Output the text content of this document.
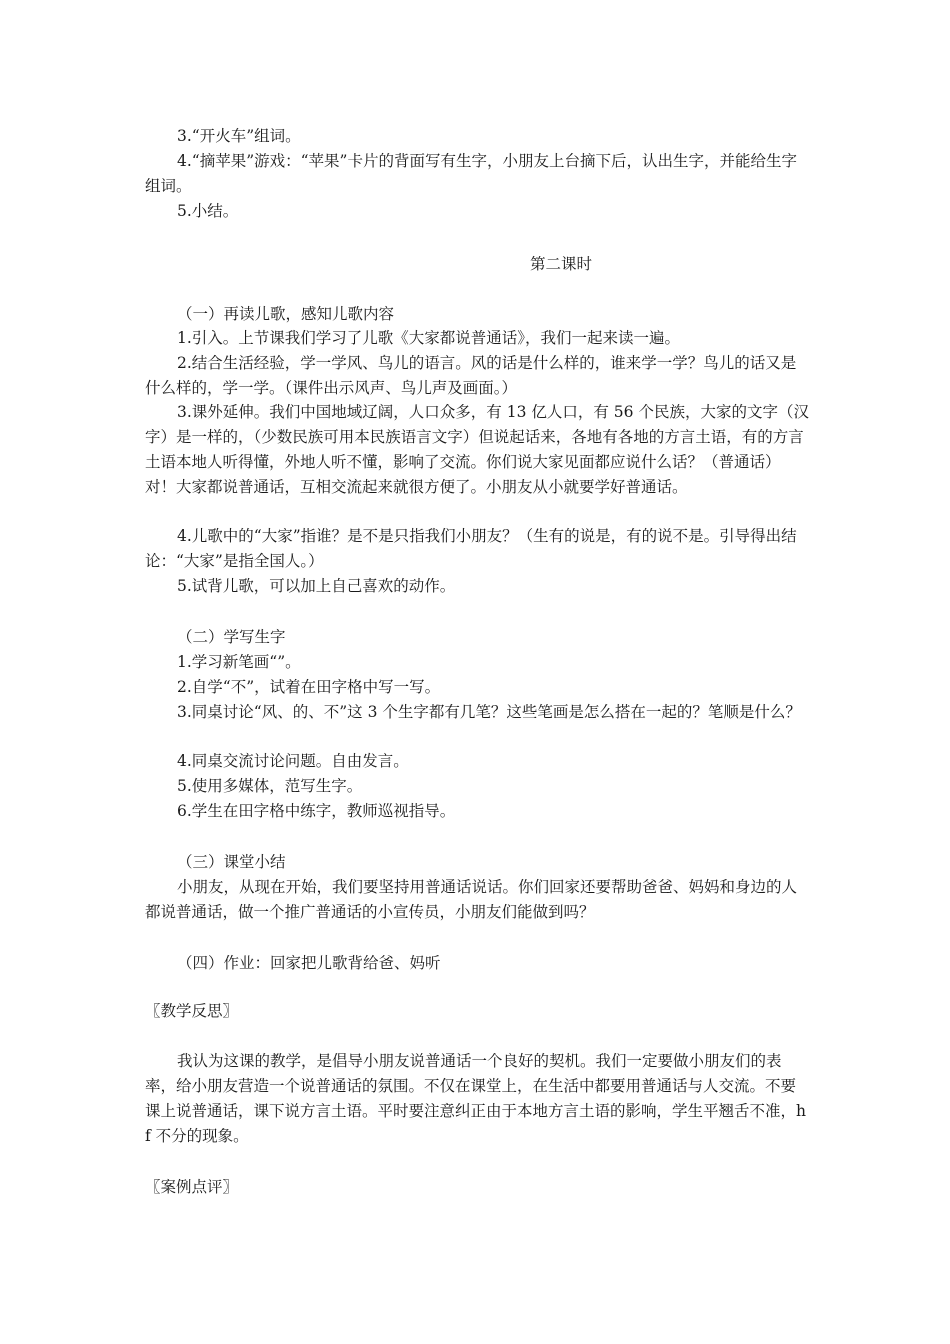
3.“开火车”组词。

4.“摘苹果”游戏：“苹果”卡片的背面写有生字，小朋友上台摘下后，认出生字，并能给生字组词。

5.小结。

第二课时

（一）再读儿歌，感知儿歌内容

1.引入。上节课我们学习了儿歌《大家都说普通话》，我们一起来读一遍。

2.结合生活经验，学一学风、鸟儿的语言。风的话是什么样的，谁来学一学？鸟儿的话又是什么样的，学一学。（课件出示风声、鸟儿声及画面。）

3.课外延伸。我们中国地域辽阔，人口众多，有 13 亿人口，有 56 个民族，大家的文字（汉字）是一样的，（少数民族可用本民族语言文字）但说起话来，各地有各地的方言土语，有的方言土语本地人听得懂，外地人听不懂，影响了交流。你们说大家见面都应说什么话？（普通话）对！大家都说普通话，互相交流起来就很方便了。小朋友从小就要学好普通话。

4.儿歌中的“大家”指谁？是不是只指我们小朋友？（生有的说是，有的说不是。引导得出结论：“大家”是指全国人。）

5.试背儿歌，可以加上自己喜欢的动作。

（二）学写生字

1.学习新笔画“”。

2.自学“不”，试着在田字格中写一写。

3.同桌讨论“风、的、不”这 3 个生字都有几笔？这些笔画是怎么搭在一起的？笔顺是什么？

4.同桌交流讨论问题。自由发言。

5.使用多媒体，范写生字。

6.学生在田字格中练字，教师巡视指导。

（三）课堂小结

小朋友，从现在开始，我们要坚持用普通话说话。你们回家还要帮助爸爸、妈妈和身边的人都说普通话，做一个推广普通话的小宣传员，小朋友们能做到吗？

（四）作业：回家把儿歌背给爸、妈听

〖教学反思〗

我认为这课的教学，是倡导小朋友说普通话一个良好的契机。我们一定要做小朋友们的表率，给小朋友营造一个说普通话的氛围。不仅在课堂上，在生活中都要用普通话与人交流。不要课上说普通话，课下说方言土语。平时要注意纠正由于本地方言土语的影响，学生平翘舌不准，h f 不分的现象。

〖案例点评〗
